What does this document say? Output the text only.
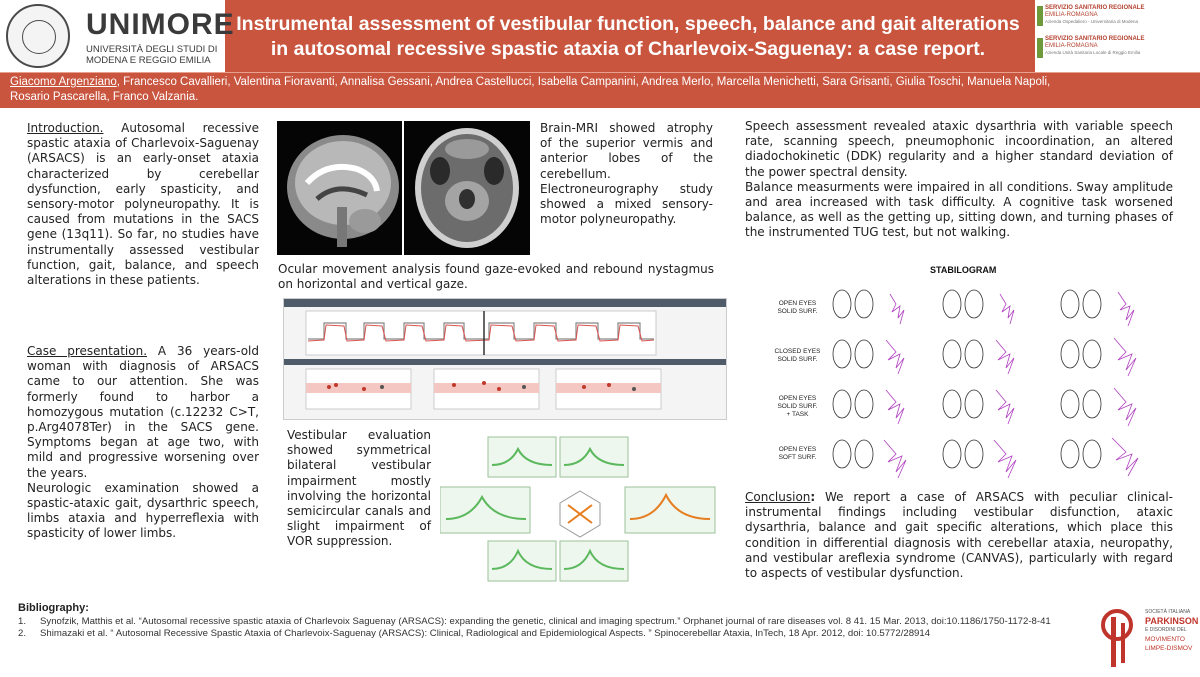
UNIMORE
UNIVERSITÀ DEGLI STUDI DI
MODENA E REGGIO EMILIA
Instrumental assessment of vestibular function, speech, balance and gait alterations
in autosomal recessive spastic ataxia of Charlevoix-Saguenay: a case report.
SERVIZIO SANITARIO REGIONALE
EMILIA-ROMAGNA
Azienda Ospedaliero - Universitaria di Modena
SERVIZIO SANITARIO REGIONALE
EMILIA-ROMAGNA
Azienda Unità Sanitaria Locale di Reggio Emilia
Giacomo Argenziano, Francesco Cavallieri, Valentina Fioravanti, Annalisa Gessani, Andrea Castellucci, Isabella Campanini, Andrea Merlo, Marcella Menichetti, Sara Grisanti, Giulia Toschi, Manuela Napoli,
Rosario Pascarella, Franco Valzania.

Introduction. Autosomal recessive spastic ataxia of Charlevoix-Saguenay (ARSACS) is an early-onset ataxia characterized by cerebellar dysfunction, early spasticity, and sensory-motor polyneuropathy. It is caused from mutations in the SACS gene (13q11). So far, no studies have instrumentally assessed vestibular function, gait, balance, and speech alterations in these patients.

Case presentation. A 36 years-old woman with diagnosis of ARSACS came to our attention. She was formerly found to harbor a homozygous mutation (c.12232 C>T, p.Arg4078Ter) in the SACS gene. Symptoms began at age two, with mild and progressive worsening over the years.

Neurologic examination showed a spastic-ataxic gait, dysarthric speech, limbs ataxia and hyperreflexia with spasticity of lower limbs.

Brain-MRI showed atrophy of the superior vermis and anterior lobes of the cerebellum.

Electroneurography study showed a mixed sensory-motor polyneuropathy.

Ocular movement analysis found gaze-evoked and rebound nystagmus on horizontal and vertical gaze.

Vestibular evaluation showed symmetrical bilateral vestibular impairment mostly involving the horizontal semicircular canals and slight impairment of VOR suppression.

Speech assessment revealed ataxic dysarthria with variable speech rate, scanning speech, pneumophonic incoordination, an altered diadochokinetic (DDK) regularity and a higher standard deviation of the power spectral density.

Balance measurments were impaired in all conditions. Sway amplitude and area increased with task difficulty. A cognitive task worsened balance, as well as the getting up, sitting down, and turning phases of the instrumented TUG test, but not walking.

STABILOGRAM
OPEN EYES
SOLID SURF.
CLOSED EYES
SOLID SURF.
OPEN EYES
SOLID SURF.
+ TASK
OPEN EYES
SOFT SURF.

Conclusion: We report a case of ARSACS with peculiar clinical-instrumental findings including vestibular disfunction, ataxic dysarthria, balance and gait specific alterations, which place this condition in differential diagnosis with cerebellar ataxia, neuropathy, and vestibular areflexia syndrome (CANVAS), particularly with regard to aspects of vestibular dysfunction.

Bibliography:
1.	Synofzik, Matthis et al. “Autosomal recessive spastic ataxia of Charlevoix Saguenay (ARSACS): expanding the genetic, clinical and imaging spectrum.” Orphanet journal of rare diseases vol. 8 41. 15 Mar. 2013, doi:10.1186/1750-1172-8-41
2.	Shimazaki et al. “ Autosomal Recessive Spastic Ataxia of Charlevoix-Saguenay (ARSACS): Clinical, Radiological and Epidemiological Aspects. ” Spinocerebellar Ataxia, InTech, 18 Apr. 2012, doi: 10.5772/28914
SOCIETÀ ITALIANA
PARKINSON
E DISORDINI DEL
MOVIMENTO
LIMPE-DISMOV
